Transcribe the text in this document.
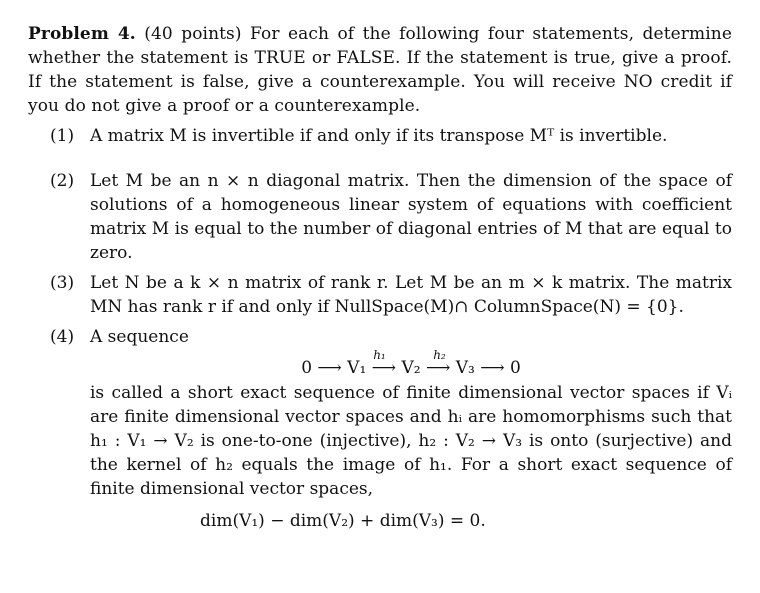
Problem 4. (40 points) For each of the following four statements, determine whether the statement is TRUE or FALSE. If the statement is true, give a proof. If the statement is false, give a counterexample. You will receive NO credit if you do not give a proof or a counterexample.

(1) A matrix M is invertible if and only if its transpose Mᵀ is invertible.
(2) Let M be an n × n diagonal matrix. Then the dimension of the space of solutions of a homogeneous linear system of equations with coefficient matrix M is equal to the number of diagonal entries of M that are equal to zero.
(3) Let N be a k × n matrix of rank r. Let M be an m × k matrix. The matrix MN has rank r if and only if NullSpace(M)∩ ColumnSpace(N) = {0}.
(4) A sequence
h₁	h₂
0 ⟶ V₁ ⟶ V₂ ⟶ V₃ ⟶ 0
is called a short exact sequence of finite dimensional vector spaces if Vᵢ are finite dimensional vector spaces and hᵢ are homomorphisms such that h₁ : V₁ → V₂ is one-to-one (injective), h₂ : V₂ → V₃ is onto (surjective) and the kernel of h₂ equals the image of h₁. For a short exact sequence of finite dimensional vector spaces,
dim(V₁) − dim(V₂) + dim(V₃) = 0.
